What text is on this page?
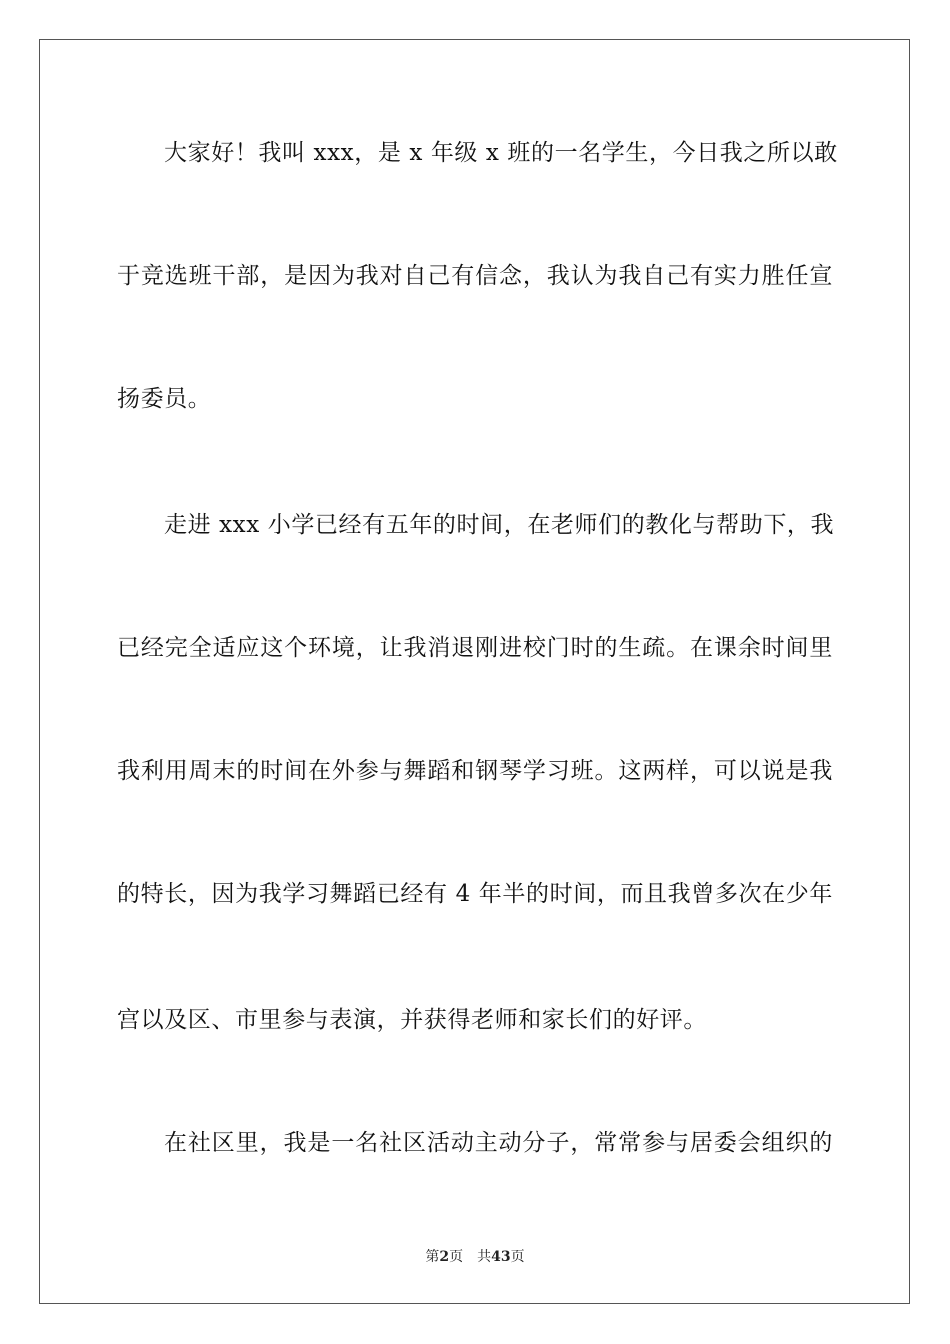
大家好！我叫 xxx，是 x 年级 x 班的一名学生，今日我之所以敢
于竞选班干部，是因为我对自己有信念，我认为我自己有实力胜任宣
扬委员。
走进 xxx 小学已经有五年的时间，在老师们的教化与帮助下，我
已经完全适应这个环境，让我消退刚进校门时的生疏。在课余时间里
我利用周末的时间在外参与舞蹈和钢琴学习班。这两样，可以说是我
的特长，因为我学习舞蹈已经有 4 年半的时间，而且我曾多次在少年
宫以及区、市里参与表演，并获得老师和家长们的好评。
在社区里，我是一名社区活动主动分子，常常参与居委会组织的
第2页 共43页
